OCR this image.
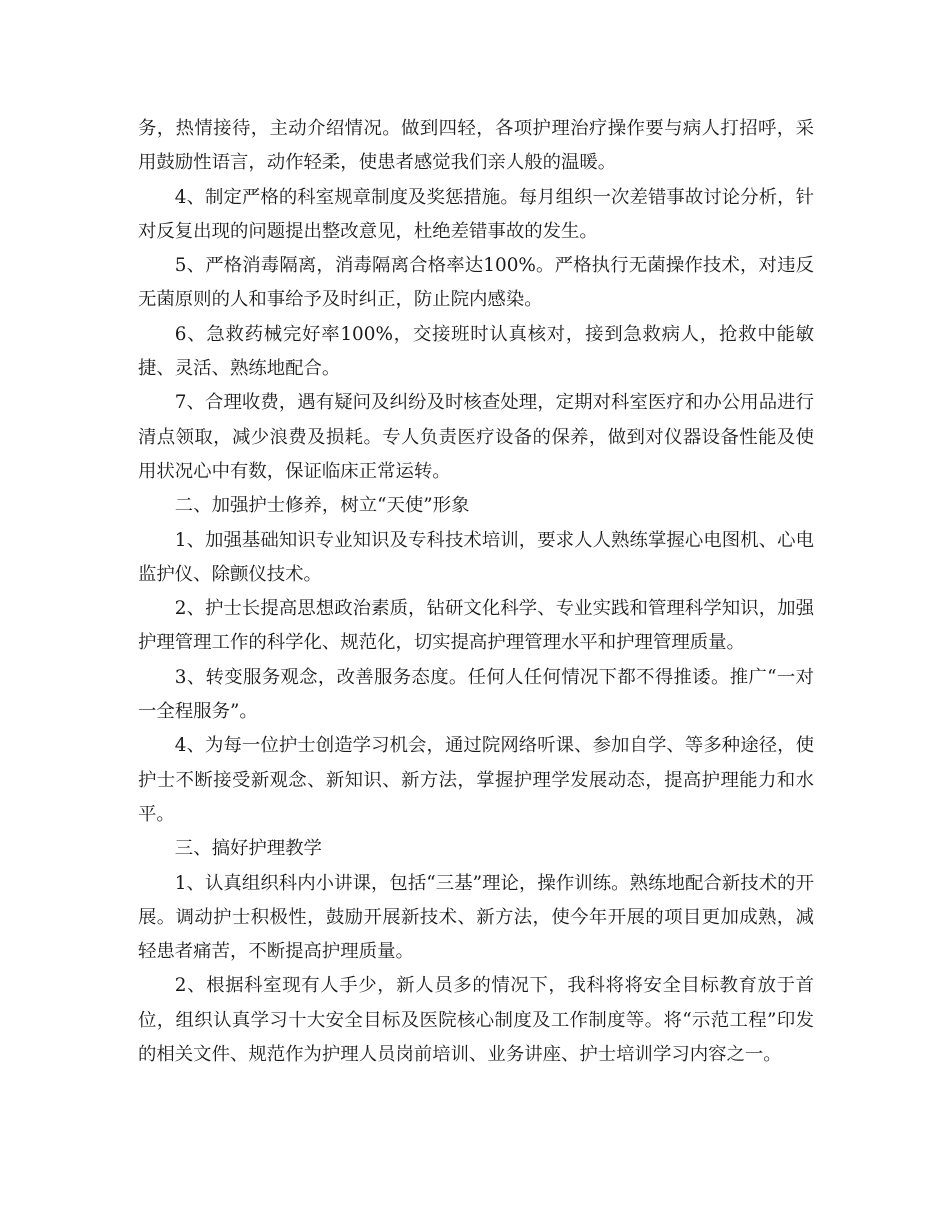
务，热情接待，主动介绍情况。做到四轻，各项护理治疗操作要与病人打招呼，采用鼓励性语言，动作轻柔，使患者感觉我们亲人般的温暖。

4、制定严格的科室规章制度及奖惩措施。每月组织一次差错事故讨论分析，针对反复出现的问题提出整改意见，杜绝差错事故的发生。

5、严格消毒隔离，消毒隔离合格率达100%。严格执行无菌操作技术，对违反无菌原则的人和事给予及时纠正，防止院内感染。

6、急救药械完好率100%，交接班时认真核对，接到急救病人，抢救中能敏捷、灵活、熟练地配合。

7、合理收费，遇有疑问及纠纷及时核查处理，定期对科室医疗和办公用品进行清点领取，减少浪费及损耗。专人负责医疗设备的保养，做到对仪器设备性能及使用状况心中有数，保证临床正常运转。

二、加强护士修养，树立“天使”形象

1、加强基础知识专业知识及专科技术培训，要求人人熟练掌握心电图机、心电监护仪、除颤仪技术。

2、护士长提高思想政治素质，钻研文化科学、专业实践和管理科学知识，加强护理管理工作的科学化、规范化，切实提高护理管理水平和护理管理质量。

3、转变服务观念，改善服务态度。任何人任何情况下都不得推诿。推广“一对一全程服务”。

4、为每一位护士创造学习机会，通过院网络听课、参加自学、等多种途径，使护士不断接受新观念、新知识、新方法，掌握护理学发展动态，提高护理能力和水平。

三、搞好护理教学

1、认真组织科内小讲课，包括“三基”理论，操作训练。熟练地配合新技术的开展。调动护士积极性，鼓励开展新技术、新方法，使今年开展的项目更加成熟，减轻患者痛苦，不断提高护理质量。

2、根据科室现有人手少，新人员多的情况下，我科将将安全目标教育放于首位，组织认真学习十大安全目标及医院核心制度及工作制度等。将“示范工程”印发的相关文件、规范作为护理人员岗前培训、业务讲座、护士培训学习内容之一。
